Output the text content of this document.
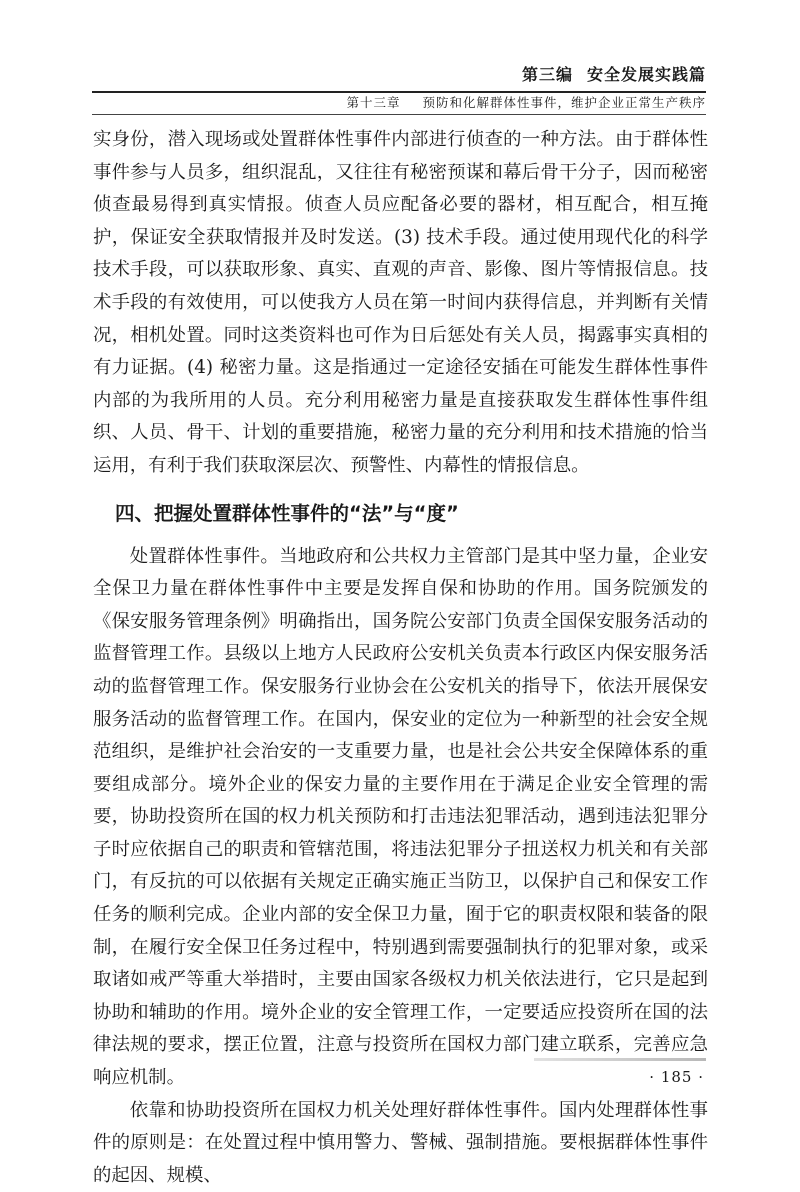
第三编 安全发展实践篇
第十三章 预防和化解群体性事件，维护企业正常生产秩序

实身份，潜入现场或处置群体性事件内部进行侦查的一种方法。由于群体性事件参与人员多，组织混乱，又往往有秘密预谋和幕后骨干分子，因而秘密侦查最易得到真实情报。侦查人员应配备必要的器材，相互配合，相互掩护，保证安全获取情报并及时发送。(3) 技术手段。通过使用现代化的科学技术手段，可以获取形象、真实、直观的声音、影像、图片等情报信息。技术手段的有效使用，可以使我方人员在第一时间内获得信息，并判断有关情况，相机处置。同时这类资料也可作为日后惩处有关人员，揭露事实真相的有力证据。(4) 秘密力量。这是指通过一定途径安插在可能发生群体性事件内部的为我所用的人员。充分利用秘密力量是直接获取发生群体性事件组织、人员、骨干、计划的重要措施，秘密力量的充分利用和技术措施的恰当运用，有利于我们获取深层次、预警性、内幕性的情报信息。

四、把握处置群体性事件的“法”与“度”

处置群体性事件。当地政府和公共权力主管部门是其中坚力量，企业安全保卫力量在群体性事件中主要是发挥自保和协助的作用。国务院颁发的《保安服务管理条例》明确指出，国务院公安部门负责全国保安服务活动的监督管理工作。县级以上地方人民政府公安机关负责本行政区内保安服务活动的监督管理工作。保安服务行业协会在公安机关的指导下，依法开展保安服务活动的监督管理工作。在国内，保安业的定位为一种新型的社会安全规范组织，是维护社会治安的一支重要力量，也是社会公共安全保障体系的重要组成部分。境外企业的保安力量的主要作用在于满足企业安全管理的需要，协助投资所在国的权力机关预防和打击违法犯罪活动，遇到违法犯罪分子时应依据自己的职责和管辖范围，将违法犯罪分子扭送权力机关和有关部门，有反抗的可以依据有关规定正确实施正当防卫，以保护自己和保安工作任务的顺利完成。企业内部的安全保卫力量，囿于它的职责权限和装备的限制，在履行安全保卫任务过程中，特别遇到需要强制执行的犯罪对象，或采取诸如戒严等重大举措时，主要由国家各级权力机关依法进行，它只是起到协助和辅助的作用。境外企业的安全管理工作，一定要适应投资所在国的法律法规的要求，摆正位置，注意与投资所在国权力部门建立联系，完善应急响应机制。

依靠和协助投资所在国权力机关处理好群体性事件。国内处理群体性事件的原则是：在处置过程中慎用警力、警械、强制措施。要根据群体性事件的起因、规模、

· 185 ·
